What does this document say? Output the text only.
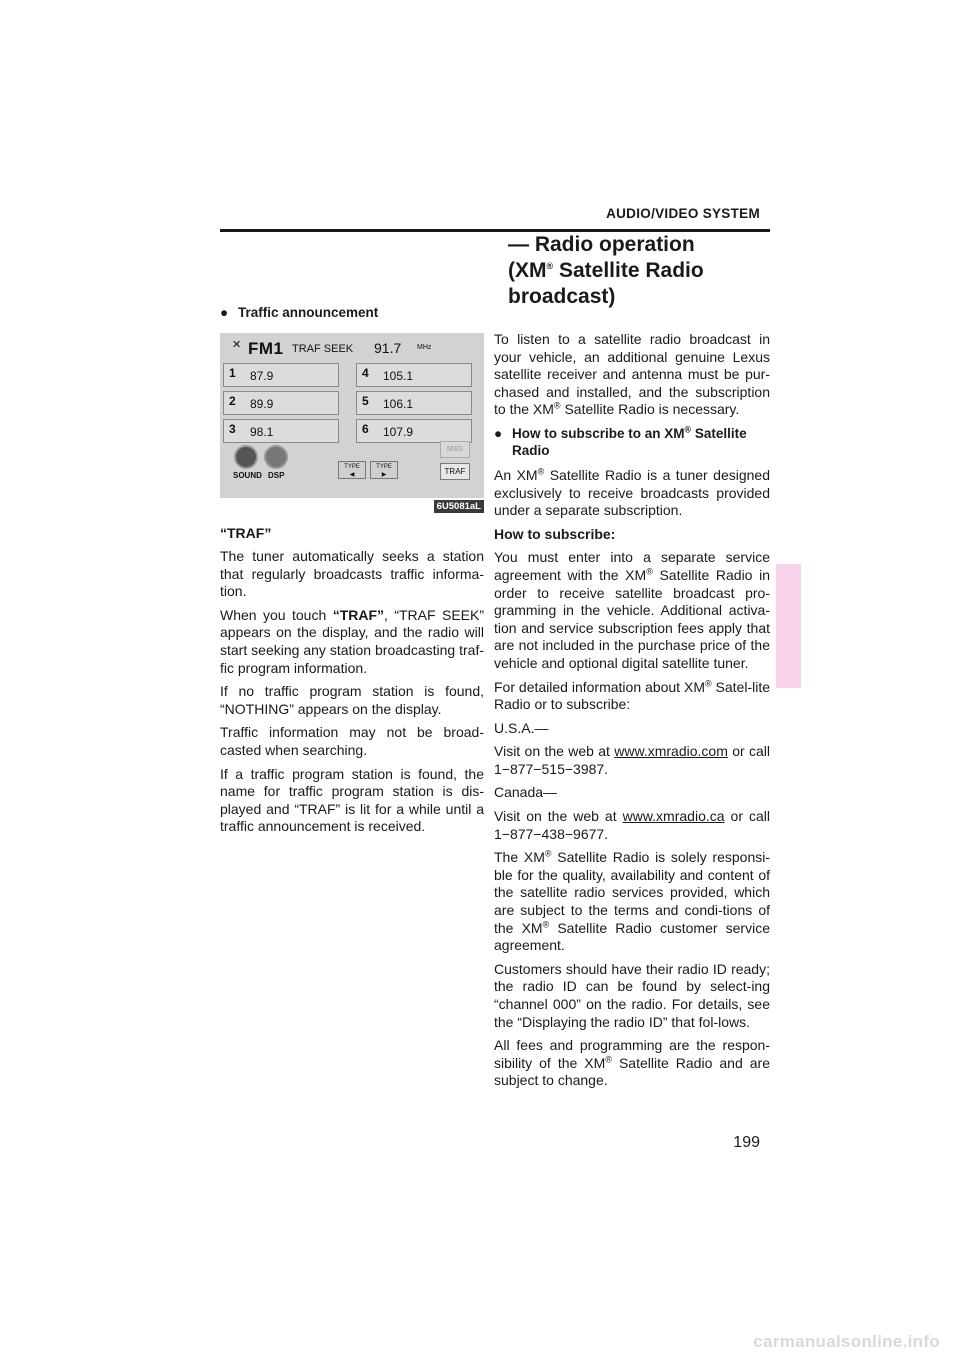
AUDIO/VIDEO SYSTEM
— Radio operation
(XM® Satellite Radio
broadcast)
● Traffic announcement
FM1
✕	TRAF SEEK 91.7 MHz
1 87.9
2 89.9
3 98.1
4 105.1
5 106.1
6 107.9
SOUND DSP
TYPE
◀
TYPE
▶
MSG
TRAF
6U5081aL
“TRAF”

The tuner automatically seeks a station that regularly broadcasts traffic informa-tion.

When you touch “TRAF”, “TRAF SEEK” appears on the display, and the radio will start seeking any station broadcasting traf-fic program information.

If no traffic program station is found, “NOTHING” appears on the display.

Traffic information may not be broad-casted when searching.

If a traffic program station is found, the name for traffic program station is dis-played and “TRAF” is lit for a while until a traffic announcement is received.

To listen to a satellite radio broadcast in your vehicle, an additional genuine Lexus satellite receiver and antenna must be pur-chased and installed, and the subscription to the XM® Satellite Radio is necessary.

● How to subscribe to an XM® Satellite Radio

An XM® Satellite Radio is a tuner designed exclusively to receive broadcasts provided under a separate subscription.

How to subscribe:

You must enter into a separate service agreement with the XM® Satellite Radio in order to receive satellite broadcast pro-gramming in the vehicle. Additional activa-tion and service subscription fees apply that are not included in the purchase price of the vehicle and optional digital satellite tuner.

For detailed information about XM® Satel-lite Radio or to subscribe:

U.S.A.—

Visit on the web at www.xmradio.com or call 1−877−515−3987.

Canada—

Visit on the web at www.xmradio.ca or call 1−877−438−9677.

The XM® Satellite Radio is solely responsi-ble for the quality, availability and content of the satellite radio services provided, which are subject to the terms and condi-tions of the XM® Satellite Radio customer service agreement.

Customers should have their radio ID ready; the radio ID can be found by select-ing “channel 000” on the radio. For details, see the “Displaying the radio ID” that fol-lows.

All fees and programming are the respon-sibility of the XM® Satellite Radio and are subject to change.

199
carmanualsonline.info
